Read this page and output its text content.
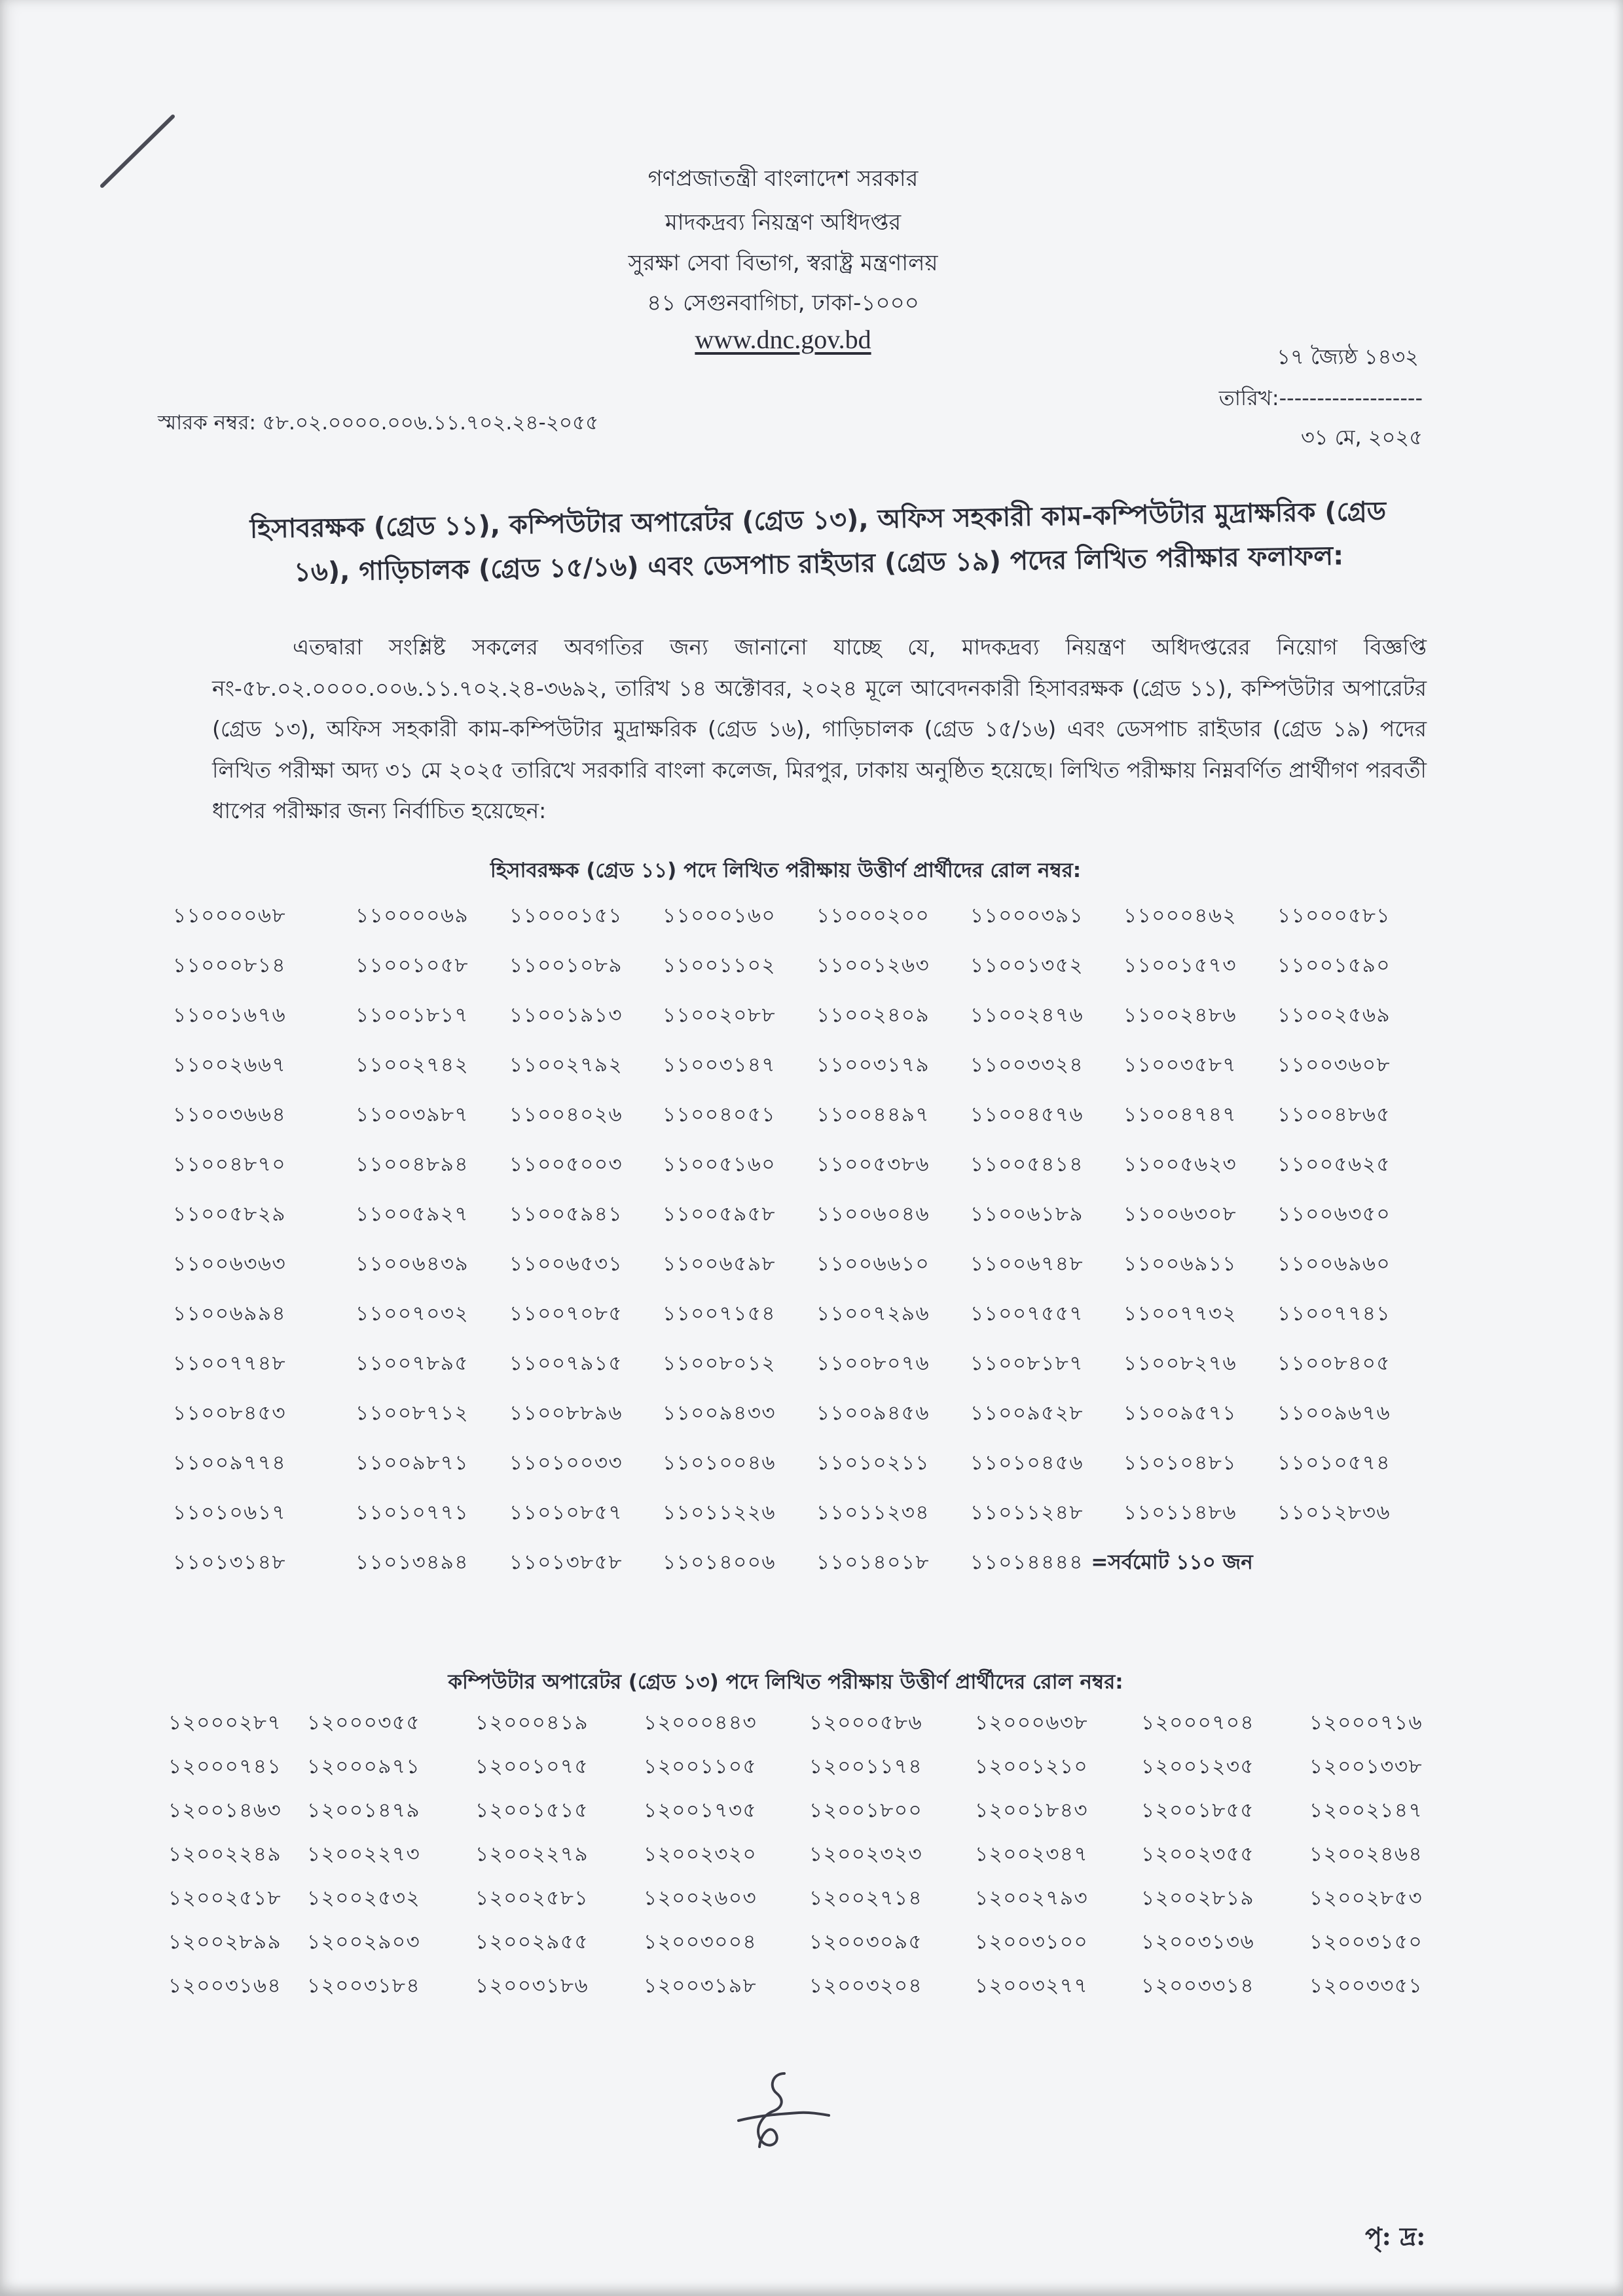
গণপ্রজাতন্ত্রী বাংলাদেশ সরকার
মাদকদ্রব্য নিয়ন্ত্রণ অধিদপ্তর
সুরক্ষা সেবা বিভাগ, স্বরাষ্ট্র মন্ত্রণালয়
৪১ সেগুনবাগিচা, ঢাকা-১০০০
www.dnc.gov.bd
১৭ জ্যৈষ্ঠ ১৪৩২
তারিখ:-------------------
৩১ মে, ২০২৫
স্মারক নম্বর: ৫৮.০২.০০০০.০০৬.১১.৭০২.২৪-২০৫৫
হিসাবরক্ষক (গ্রেড ১১), কম্পিউটার অপারেটর (গ্রেড ১৩), অফিস সহকারী কাম-কম্পিউটার মুদ্রাক্ষরিক (গ্রেড ১৬), গাড়িচালক (গ্রেড ১৫/১৬) এবং ডেসপাচ রাইডার (গ্রেড ১৯) পদের লিখিত পরীক্ষার ফলাফল:
এতদ্বারা সংশ্লিষ্ট সকলের অবগতির জন্য জানানো যাচ্ছে যে, মাদকদ্রব্য নিয়ন্ত্রণ অধিদপ্তরের নিয়োগ বিজ্ঞপ্তি নং-৫৮.০২.০০০০.০০৬.১১.৭০২.২৪-৩৬৯২, তারিখ ১৪ অক্টোবর, ২০২৪ মূলে আবেদনকারী হিসাবরক্ষক (গ্রেড ১১), কম্পিউটার অপারেটর (গ্রেড ১৩), অফিস সহকারী কাম-কম্পিউটার মুদ্রাক্ষরিক (গ্রেড ১৬), গাড়িচালক (গ্রেড ১৫/১৬) এবং ডেসপাচ রাইডার (গ্রেড ১৯) পদের লিখিত পরীক্ষা অদ্য ৩১ মে ২০২৫ তারিখে সরকারি বাংলা কলেজ, মিরপুর, ঢাকায় অনুষ্ঠিত হয়েছে। লিখিত পরীক্ষায় নিম্নবর্ণিত প্রার্থীগণ পরবর্তী ধাপের পরীক্ষার জন্য নির্বাচিত হয়েছেন:
হিসাবরক্ষক (গ্রেড ১১) পদে লিখিত পরীক্ষায় উত্তীর্ণ প্রার্থীদের রোল নম্বর:
১১০০০০৬৮	১১০০০০৬৯	১১০০০১৫১	১১০০০১৬০	১১০০০২০০	১১০০০৩৯১	১১০০০৪৬২	১১০০০৫৮১
১১০০০৮১৪	১১০০১০৫৮	১১০০১০৮৯	১১০০১১০২	১১০০১২৬৩	১১০০১৩৫২	১১০০১৫৭৩	১১০০১৫৯০
১১০০১৬৭৬	১১০০১৮১৭	১১০০১৯১৩	১১০০২০৮৮	১১০০২৪০৯	১১০০২৪৭৬	১১০০২৪৮৬	১১০০২৫৬৯
১১০০২৬৬৭	১১০০২৭৪২	১১০০২৭৯২	১১০০৩১৪৭	১১০০৩১৭৯	১১০০৩৩২৪	১১০০৩৫৮৭	১১০০৩৬০৮
১১০০৩৬৬৪	১১০০৩৯৮৭	১১০০৪০২৬	১১০০৪০৫১	১১০০৪৪৯৭	১১০০৪৫৭৬	১১০০৪৭৪৭	১১০০৪৮৬৫
১১০০৪৮৭০	১১০০৪৮৯৪	১১০০৫০০৩	১১০০৫১৬০	১১০০৫৩৮৬	১১০০৫৪১৪	১১০০৫৬২৩	১১০০৫৬২৫
১১০০৫৮২৯	১১০০৫৯২৭	১১০০৫৯৪১	১১০০৫৯৫৮	১১০০৬০৪৬	১১০০৬১৮৯	১১০০৬৩০৮	১১০০৬৩৫০
১১০০৬৩৬৩	১১০০৬৪৩৯	১১০০৬৫৩১	১১০০৬৫৯৮	১১০০৬৬১০	১১০০৬৭৪৮	১১০০৬৯১১	১১০০৬৯৬০
১১০০৬৯৯৪	১১০০৭০৩২	১১০০৭০৮৫	১১০০৭১৫৪	১১০০৭২৯৬	১১০০৭৫৫৭	১১০০৭৭৩২	১১০০৭৭৪১
১১০০৭৭৪৮	১১০০৭৮৯৫	১১০০৭৯১৫	১১০০৮০১২	১১০০৮০৭৬	১১০০৮১৮৭	১১০০৮২৭৬	১১০০৮৪০৫
১১০০৮৪৫৩	১১০০৮৭১২	১১০০৮৮৯৬	১১০০৯৪৩৩	১১০০৯৪৫৬	১১০০৯৫২৮	১১০০৯৫৭১	১১০০৯৬৭৬
১১০০৯৭৭৪	১১০০৯৮৭১	১১০১০০৩৩	১১০১০০৪৬	১১০১০২১১	১১০১০৪৫৬	১১০১০৪৮১	১১০১০৫৭৪
১১০১০৬১৭	১১০১০৭৭১	১১০১০৮৫৭	১১০১১২২৬	১১০১১২৩৪	১১০১১২৪৮	১১০১১৪৮৬	১১০১২৮৩৬
১১০১৩১৪৮	১১০১৩৪৯৪	১১০১৩৮৫৮	১১০১৪০০৬	১১০১৪০১৮	১১০১৪৪৪৪ =সর্বমোট ১১০ জন
কম্পিউটার অপারেটর (গ্রেড ১৩) পদে লিখিত পরীক্ষায় উত্তীর্ণ প্রার্থীদের রোল নম্বর:
১২০০০২৮৭	১২০০০৩৫৫	১২০০০৪১৯	১২০০০৪৪৩	১২০০০৫৮৬	১২০০০৬৩৮	১২০০০৭০৪	১২০০০৭১৬
১২০০০৭৪১	১২০০০৯৭১	১২০০১০৭৫	১২০০১১০৫	১২০০১১৭৪	১২০০১২১০	১২০০১২৩৫	১২০০১৩৩৮
১২০০১৪৬৩	১২০০১৪৭৯	১২০০১৫১৫	১২০০১৭৩৫	১২০০১৮০০	১২০০১৮৪৩	১২০০১৮৫৫	১২০০২১৪৭
১২০০২২৪৯	১২০০২২৭৩	১২০০২২৭৯	১২০০২৩২০	১২০০২৩২৩	১২০০২৩৪৭	১২০০২৩৫৫	১২০০২৪৬৪
১২০০২৫১৮	১২০০২৫৩২	১২০০২৫৮১	১২০০২৬০৩	১২০০২৭১৪	১২০০২৭৯৩	১২০০২৮১৯	১২০০২৮৫৩
১২০০২৮৯৯	১২০০২৯০৩	১২০০২৯৫৫	১২০০৩০০৪	১২০০৩০৯৫	১২০০৩১০০	১২০০৩১৩৬	১২০০৩১৫০
১২০০৩১৬৪	১২০০৩১৮৪	১২০০৩১৮৬	১২০০৩১৯৮	১২০০৩২০৪	১২০০৩২৭৭	১২০০৩৩১৪	১২০০৩৩৫১
পৃ: দ্র:
